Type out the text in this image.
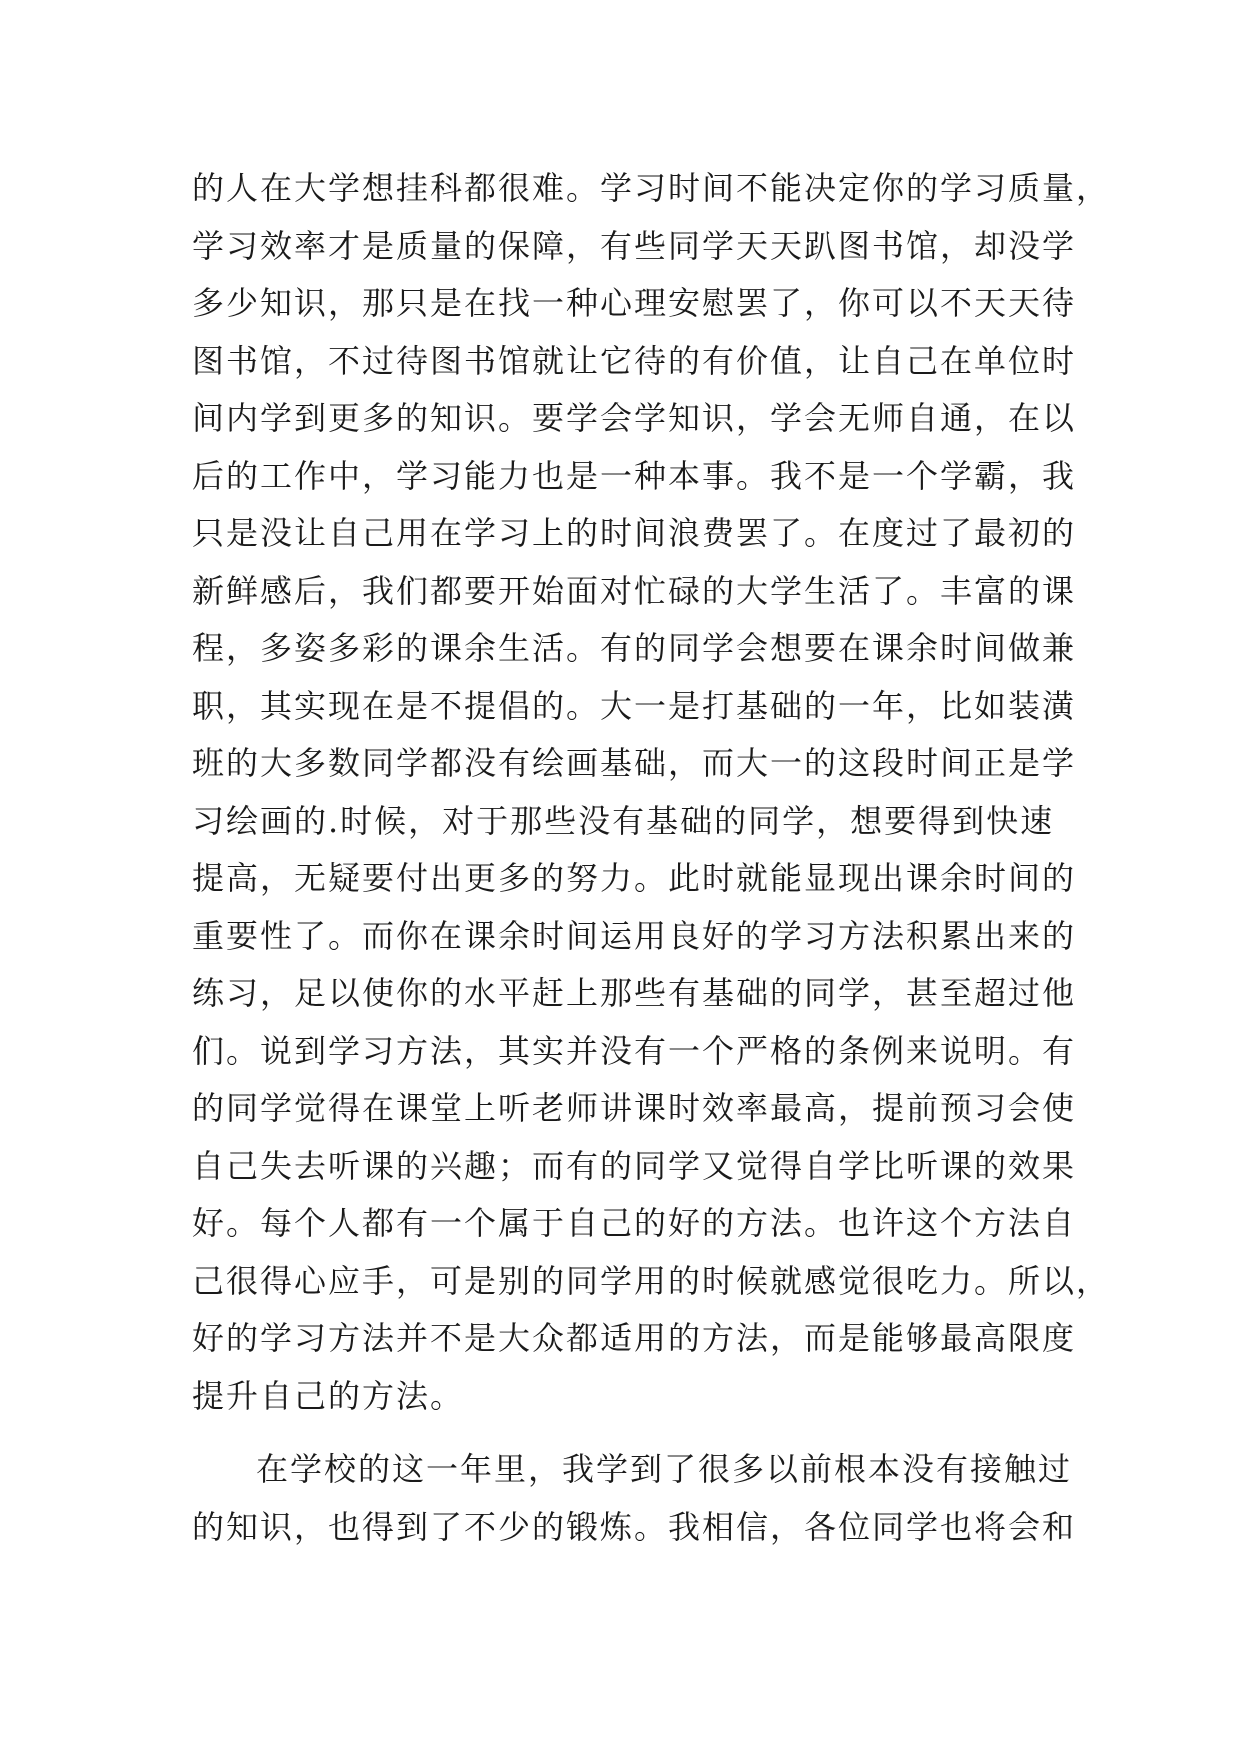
的人在大学想挂科都很难。学习时间不能决定你的学习质量，
学习效率才是质量的保障，有些同学天天趴图书馆，却没学
多少知识，那只是在找一种心理安慰罢了，你可以不天天待
图书馆，不过待图书馆就让它待的有价值，让自己在单位时
间内学到更多的知识。要学会学知识，学会无师自通，在以
后的工作中，学习能力也是一种本事。我不是一个学霸，我
只是没让自己用在学习上的时间浪费罢了。在度过了最初的
新鲜感后，我们都要开始面对忙碌的大学生活了。丰富的课
程，多姿多彩的课余生活。有的同学会想要在课余时间做兼
职，其实现在是不提倡的。大一是打基础的一年，比如装潢
班的大多数同学都没有绘画基础，而大一的这段时间正是学
习绘画的.时候，对于那些没有基础的同学，想要得到快速
提高，无疑要付出更多的努力。此时就能显现出课余时间的
重要性了。而你在课余时间运用良好的学习方法积累出来的
练习，足以使你的水平赶上那些有基础的同学，甚至超过他
们。说到学习方法，其实并没有一个严格的条例来说明。有
的同学觉得在课堂上听老师讲课时效率最高，提前预习会使
自己失去听课的兴趣；而有的同学又觉得自学比听课的效果
好。每个人都有一个属于自己的好的方法。也许这个方法自
己很得心应手，可是别的同学用的时候就感觉很吃力。所以，
好的学习方法并不是大众都适用的方法，而是能够最高限度
提升自己的方法。
在学校的这一年里，我学到了很多以前根本没有接触过
的知识，也得到了不少的锻炼。我相信，各位同学也将会和
